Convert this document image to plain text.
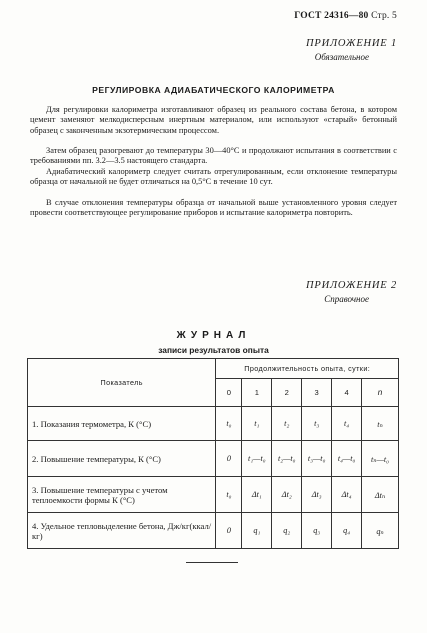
ГОСТ 24316—80 Стр. 5
ПРИЛОЖЕНИЕ 1
Обязательное
РЕГУЛИРОВКА АДИАБАТИЧЕСКОГО КАЛОРИМЕТРА

Для регулировки калориметра изготавливают образец из реального состава бетона, в котором цемент заменяют мелкодисперсным инертным материалом, или используют «старый» бетонный образец с законченным экзотермическим процессом.

Затем образец разогревают до температуры 30—40°С и продолжают испытания в соответствии с требованиями пп. 3.2—3.5 настоящего стандарта.

Адиабатический калориметр следует считать отрегулированным, если отклонение температуры образца от начальной не будет отличаться на 0,5°С в течение 10 сут.

В случае отклонения температуры образца от начальной выше установленного уровня следует провести соответствующее регулирование приборов и испытание калориметра повторить.

ПРИЛОЖЕНИЕ 2
Справочное
ЖУРНАЛ
записи результатов опыта
Показатель	Продолжительность опыта, сутки:					
	0	1	2	3	4	n
1. Показания термометра, К (°С)	t₀	t₁	t₂	t₃	t₄	tₙ
2. Повышение температуры, К (°С)	0	t₁—t₀	t₂—t₀	t₃—t₀	t₄—t₀	tₙ—t₀
3. Повышение температуры с учетом теплоемкости формы К (°С)	t₀	Δt₁	Δt₂	Δt₃	Δt₄	Δtₙ
4. Удельное тепловыделение бетона, Дж/кг(ккал/кг)	0	q₁	q₂	q₃	q₄	qₙ
